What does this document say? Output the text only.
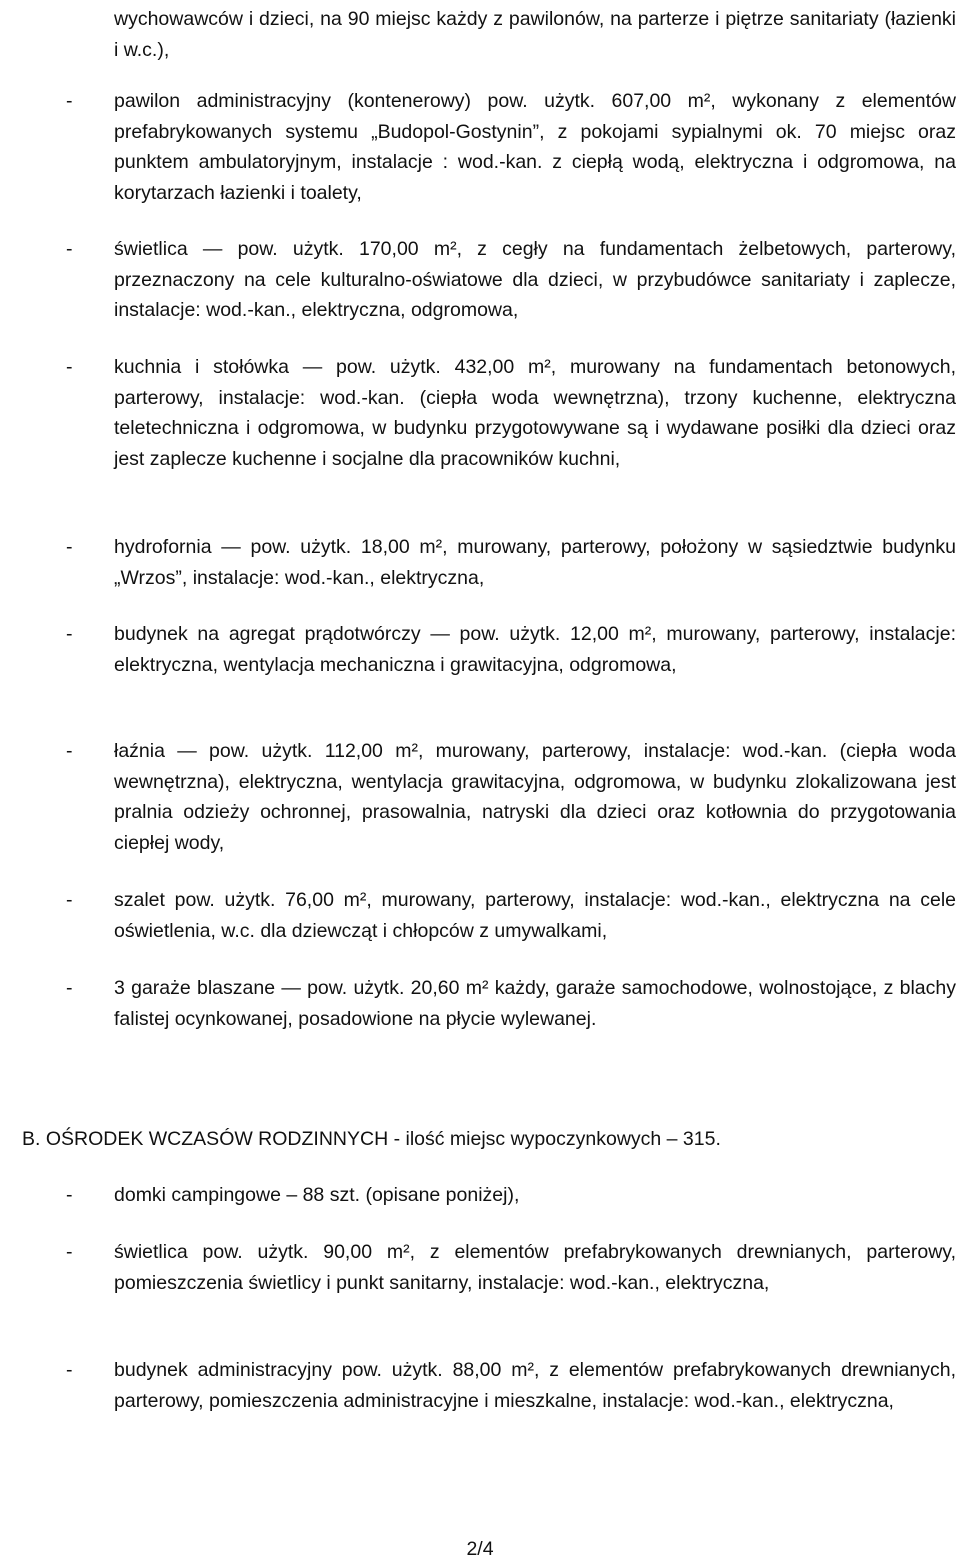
wychowawców i dzieci, na 90 miejsc każdy z pawilonów, na parterze i piętrze sanitariaty (łazienki i w.c.),
- pawilon administracyjny (kontenerowy) pow. użytk. 607,00 m², wykonany z elementów prefabrykowanych systemu „Budopol-Gostynin”, z pokojami sypialnymi ok. 70 miejsc oraz punktem ambulatoryjnym, instalacje : wod.-kan. z ciepłą wodą, elektryczna i odgromowa, na korytarzach łazienki i toalety,
- świetlica — pow. użytk. 170,00 m², z cegły na fundamentach żelbetowych, parterowy, przeznaczony na cele kulturalno-oświatowe dla dzieci, w przybudówce sanitariaty i zaplecze, instalacje: wod.-kan., elektryczna, odgromowa,
- kuchnia i stołówka — pow. użytk. 432,00 m², murowany na fundamentach betonowych, parterowy, instalacje: wod.-kan. (ciepła woda wewnętrzna), trzony kuchenne, elektryczna teletechniczna i odgromowa, w budynku przygotowywane są i wydawane posiłki dla dzieci oraz jest zaplecze kuchenne i socjalne dla pracowników kuchni,
- hydrofornia — pow. użytk. 18,00 m², murowany, parterowy, położony w sąsiedztwie budynku „Wrzos”, instalacje: wod.-kan., elektryczna,
- budynek na agregat prądotwórczy — pow. użytk. 12,00 m², murowany, parterowy, instalacje: elektryczna, wentylacja mechaniczna i grawitacyjna, odgromowa,
- łaźnia — pow. użytk. 112,00 m², murowany, parterowy, instalacje: wod.-kan. (ciepła woda wewnętrzna), elektryczna, wentylacja grawitacyjna, odgromowa, w budynku zlokalizowana jest pralnia odzieży ochronnej, prasowalnia, natryski dla dzieci oraz kotłownia do przygotowania ciepłej wody,
- szalet pow. użytk. 76,00 m², murowany, parterowy, instalacje: wod.-kan., elektryczna na cele oświetlenia, w.c. dla dziewcząt i chłopców z umywalkami,
- 3 garaże blaszane — pow. użytk. 20,60 m² każdy, garaże samochodowe, wolnostojące, z blachy falistej ocynkowanej, posadowione na płycie wylewanej.
B. OŚRODEK WCZASÓW RODZINNYCH - ilość miejsc wypoczynkowych – 315.
- domki campingowe – 88 szt. (opisane poniżej),
- świetlica pow. użytk. 90,00 m², z elementów prefabrykowanych drewnianych, parterowy, pomieszczenia świetlicy i punkt sanitarny, instalacje: wod.-kan., elektryczna,
- budynek administracyjny pow. użytk. 88,00 m², z elementów prefabrykowanych drewnianych, parterowy, pomieszczenia administracyjne i mieszkalne, instalacje: wod.-kan., elektryczna,
2/4
